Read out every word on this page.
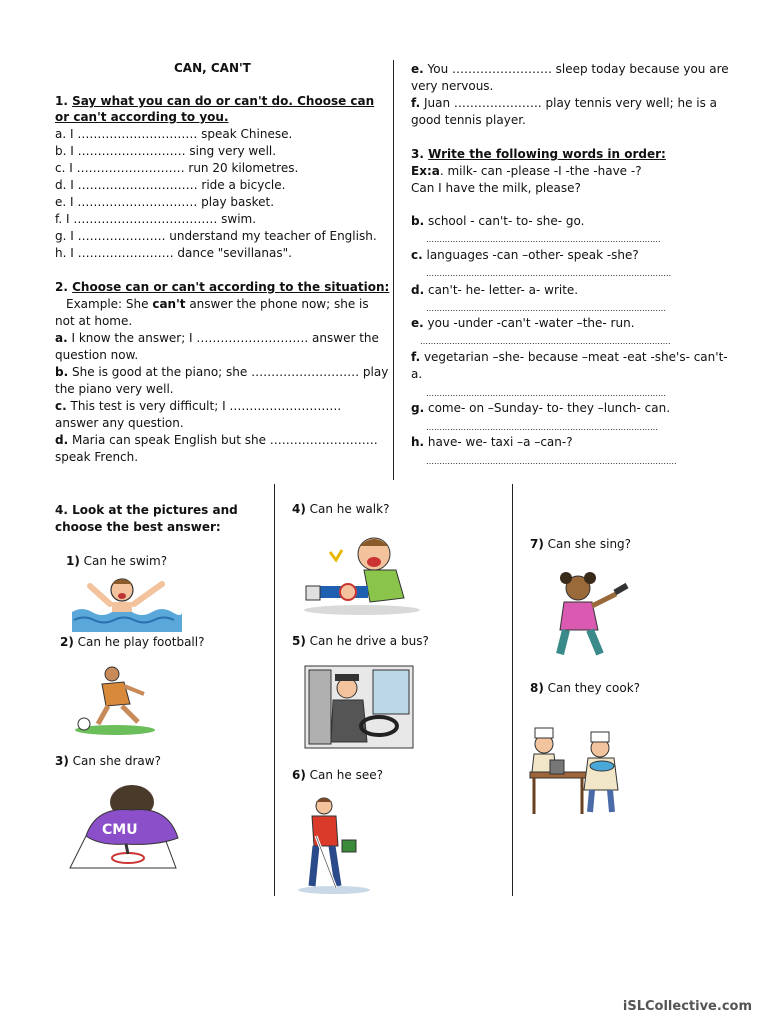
CAN, CAN'T
1. Say what you can do or can't do. Choose can
or can't according to you.
a. I ………………………… speak Chinese.
b. I ……………………… sing very well.
c. I ……………………… run 20 kilometres.
d. I ………………………… ride a bicycle.
e. I ………………………… play basket.
f. I ……………………………… swim.
g. I …………………. understand my teacher of English.
h. I …………………… dance "sevillanas".
2. Choose can or can't according to the situation:
Example: She can't answer the phone now; she is
not at home.
a. I know the answer; I ………………………. answer the
question now.
b. She is good at the piano; she ……………………… play
the piano very well.
c. This test is very difficult; I ……………………….
answer any question.
d. Maria can speak English but she ………………………
speak French.
e. You ……………………. sleep today because you are
very nervous.
f. Juan …………………. play tennis very well; he is a
good tennis player.
3. Write the following words in order:
Ex:a. milk- can -please -I -the -have -?
Can I have the milk, please?
b. school - can't- to- she- go.
…………………………………………………………………………….
c. languages -can –other- speak -she?
………………………………………………………………………………..
d. can't- he- letter- a- write.
………………………………………………………………………………
e. you -under -can't -water –the- run.
………………………………………………………………………………….
f. vegetarian –she- because –meat -eat -she's- can't-
a.
………………………………………………………………………………
g. come- on –Sunday- to- they –lunch- can.
……………………………………………………………………………
h. have- we- taxi –a –can-?
………………………………………………………………………………….
4. Look at the pictures and
choose the best answer:
1) Can he swim?
2) Can he play football?
3) Can she draw?
CMU
4) Can he walk?
5) Can he drive a bus?
6) Can he see?
7) Can she sing?
8) Can they cook?
iSLCollective.com
